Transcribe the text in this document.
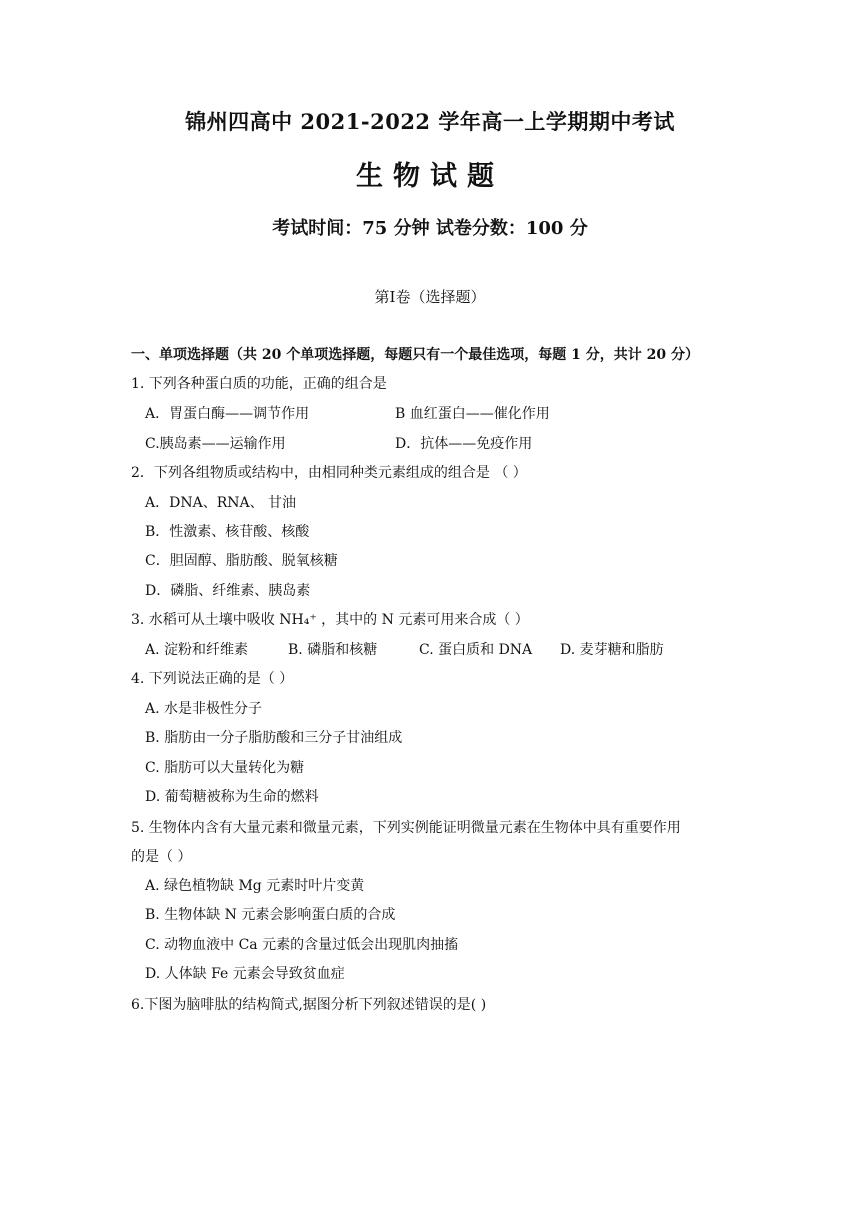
锦州四高中 2021-2022 学年高一上学期期中考试
生物试题
考试时间：75 分钟 试卷分数：100 分
第Ⅰ卷（选择题）
一、单项选择题（共 20 个单项选择题，每题只有一个最佳选项，每题 1 分，共计 20 分）
1. 下列各种蛋白质的功能，正确的组合是
A．胃蛋白酶——调节作用	B 血红蛋白——催化作用
C.胰岛素——运输作用	D．抗体——免疫作用
2．下列各组物质或结构中，由相同种类元素组成的组合是 （ ）
A．DNA、RNA、 甘油
B．性激素、核苷酸、核酸
C．胆固醇、脂肪酸、脱氧核糖
D．磷脂、纤维素、胰岛素
3. 水稻可从土壤中吸收 NH₄⁺ ，其中的 N 元素可用来合成（ ）
A. 淀粉和纤维素	B. 磷脂和核糖	C. 蛋白质和 DNA D. 麦芽糖和脂肪
4. 下列说法正确的是（ ）
A. 水是非极性分子
B. 脂肪由一分子脂肪酸和三分子甘油组成
C. 脂肪可以大量转化为糖
D. 葡萄糖被称为生命的燃料
5. 生物体内含有大量元素和微量元素，下列实例能证明微量元素在生物体中具有重要作用
的是（ ）
A. 绿色植物缺 Mg 元素时叶片变黄
B. 生物体缺 N 元素会影响蛋白质的合成
C. 动物血液中 Ca 元素的含量过低会出现肌肉抽搐
D. 人体缺 Fe 元素会导致贫血症
6.下图为脑啡肽的结构简式,据图分析下列叙述错误的是( )
